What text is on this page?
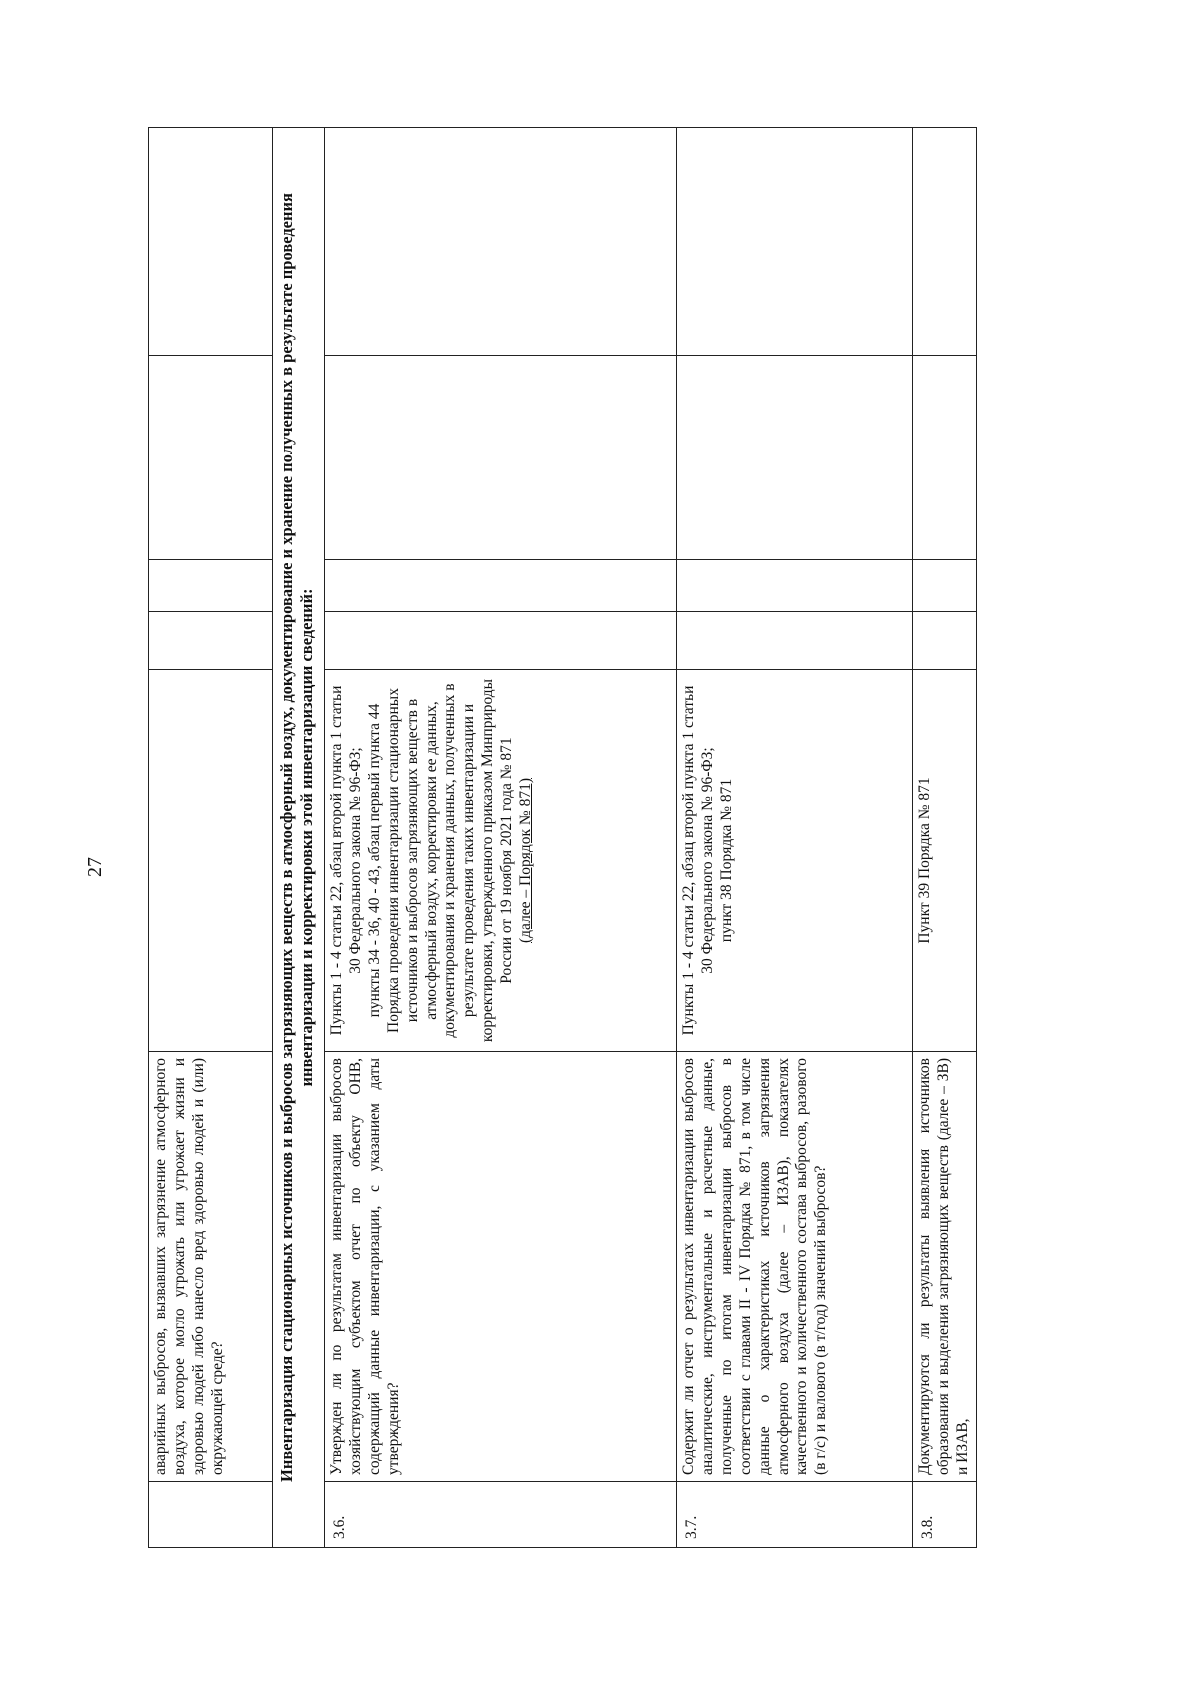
27
	аварийных выбросов, вызвавших загрязнение атмосферного воздуха, которое могло угрожать или угрожает жизни и здоровью людей либо нанесло вред здоровью людей и (или) окружающей среде?					
Инвентаризация стационарных источников и выбросов загрязняющих веществ в атмосферный воздух, документирование и хранение полученных в результате проведения инвентаризации и корректировки этой инвентаризации сведений:						
3.6.	Утвержден ли по результатам инвентаризации выбросов хозяйствующим субъектом отчет по объекту ОНВ, содержащий данные инвентаризации, с указанием даты утверждения?	Пункты 1 - 4 статьи 22, абзац второй пункта 1 статьи 30 Федерального закона № 96-ФЗ; пункты 34 - 36, 40 - 43, абзац первый пункта 44 Порядка проведения инвентаризации стационарных источников и выбросов загрязняющих веществ в атмосферный воздух, корректировки ее данных, документирования и хранения данных, полученных в результате проведения таких инвентаризации и корректировки, утвержденного приказом Минприроды России от 19 ноября 2021 года № 871 (далее – Порядок № 871)				

3.7.	Содержит ли отчет о результатах инвентаризации выбросов аналитические, инструментальные и расчетные данные, полученные по итогам инвентаризации выбросов в соответствии с главами II - IV Порядка № 871, в том числе данные о характеристиках источников загрязнения атмосферного воздуха (далее – ИЗАВ), показателях качественного и количественного состава выбросов, разового (в г/с) и валового (в т/год) значений выбросов?	Пункты 1 - 4 статьи 22, абзац второй пункта 1 статьи 30 Федерального закона № 96-ФЗ; пункт 38 Порядка № 871				

3.8.	Документируются ли результаты выявления источников образования и выделения загрязняющих веществ (далее – ЗВ) и ИЗАВ,	Пункт 39 Порядка № 871				
